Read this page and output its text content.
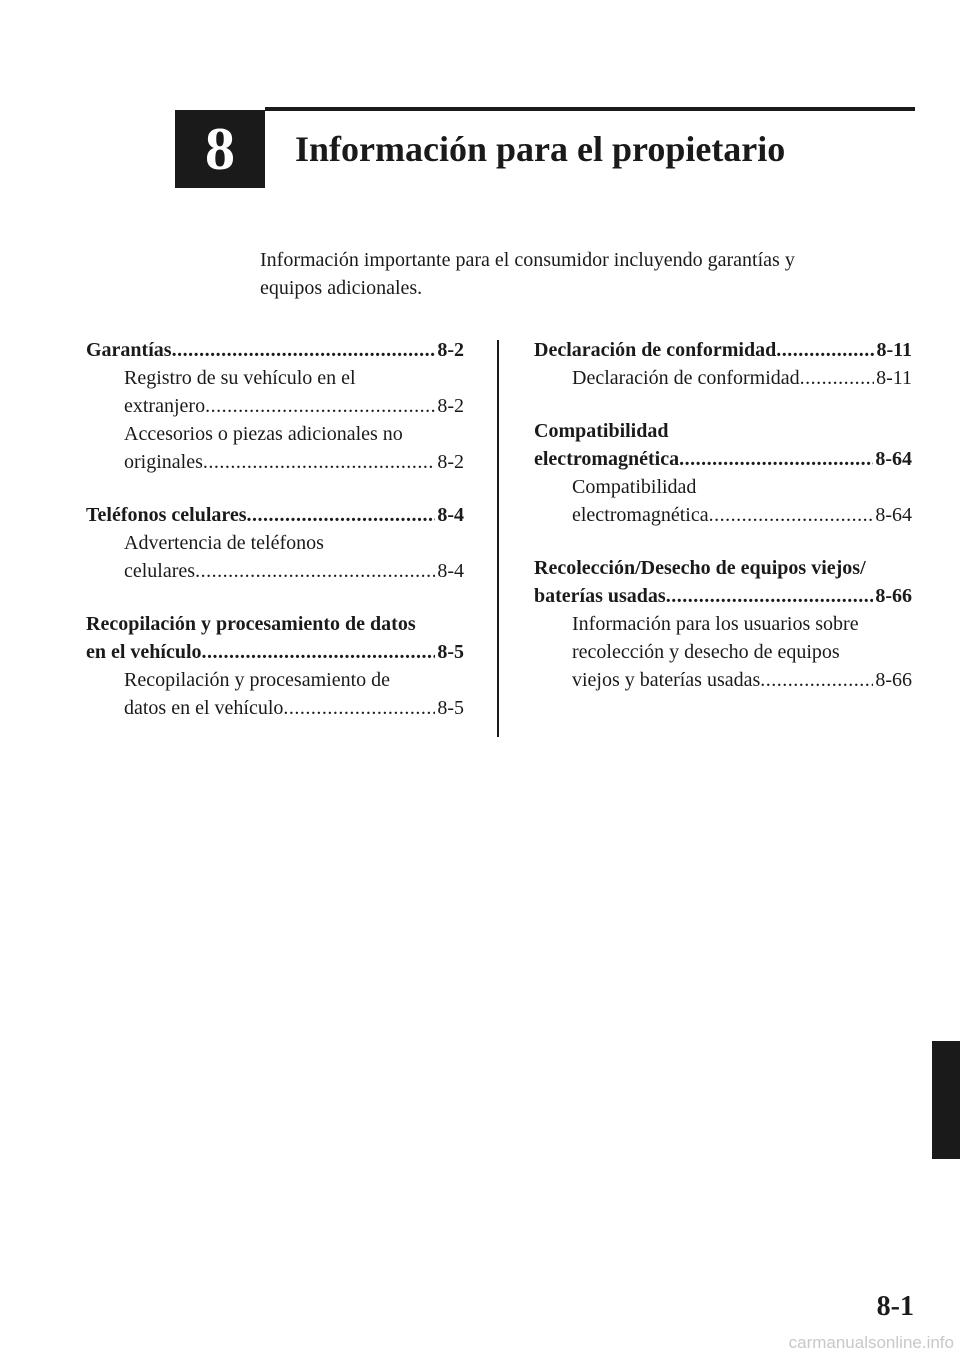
8	Información para el propietario
Información importante para el consumidor incluyendo garantías y
equipos adicionales.
Garantías .....	8-2
Registro de su vehículo en el
extranjero .....	8-2
Accesorios o piezas adicionales no
originales .....	8-2
Teléfonos celulares .....	8-4
Advertencia de teléfonos
celulares .....	8-4
Recopilación y procesamiento de datos
en el vehículo .....	8-5
Recopilación y procesamiento de
datos en el vehículo .....	8-5
Declaración de conformidad .....	8-11
Declaración de conformidad .....	8-11
Compatibilidad
electromagnética .....	8-64
Compatibilidad
electromagnética .....	8-64
Recolección/Desecho de equipos viejos/
baterías usadas .....	8-66
Información para los usuarios sobre
recolección y desecho de equipos
viejos y baterías usadas .....	8-66
8-1
carmanualsonline.info
